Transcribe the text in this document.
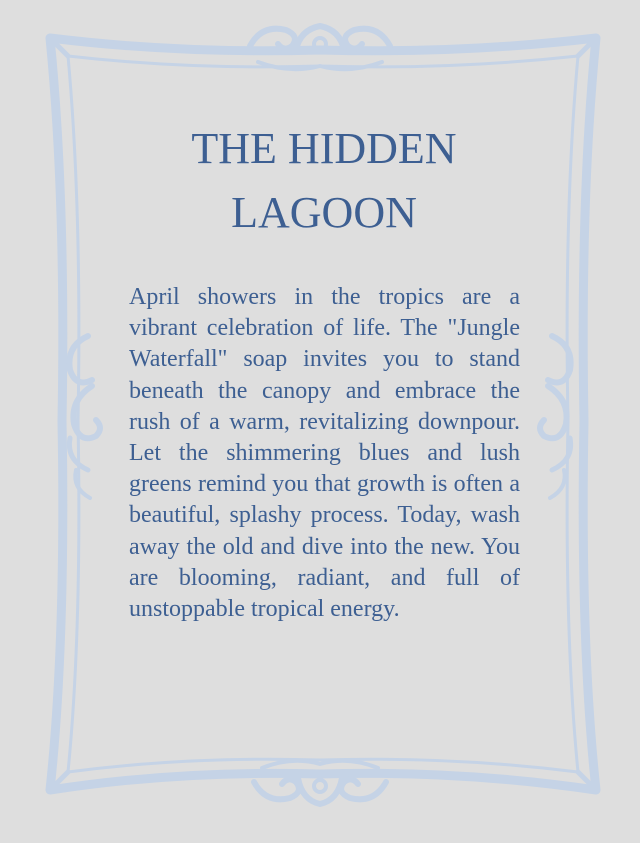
THE HIDDEN LAGOON

April showers in the tropics are a vibrant celebration of life. The "Jungle Waterfall" soap invites you to stand beneath the canopy and embrace the rush of a warm, revitalizing downpour. Let the shimmering blues and lush greens remind you that growth is often a beautiful, splashy process. Today, wash away the old and dive into the new. You are blooming, radiant, and full of unstoppable tropical energy.
